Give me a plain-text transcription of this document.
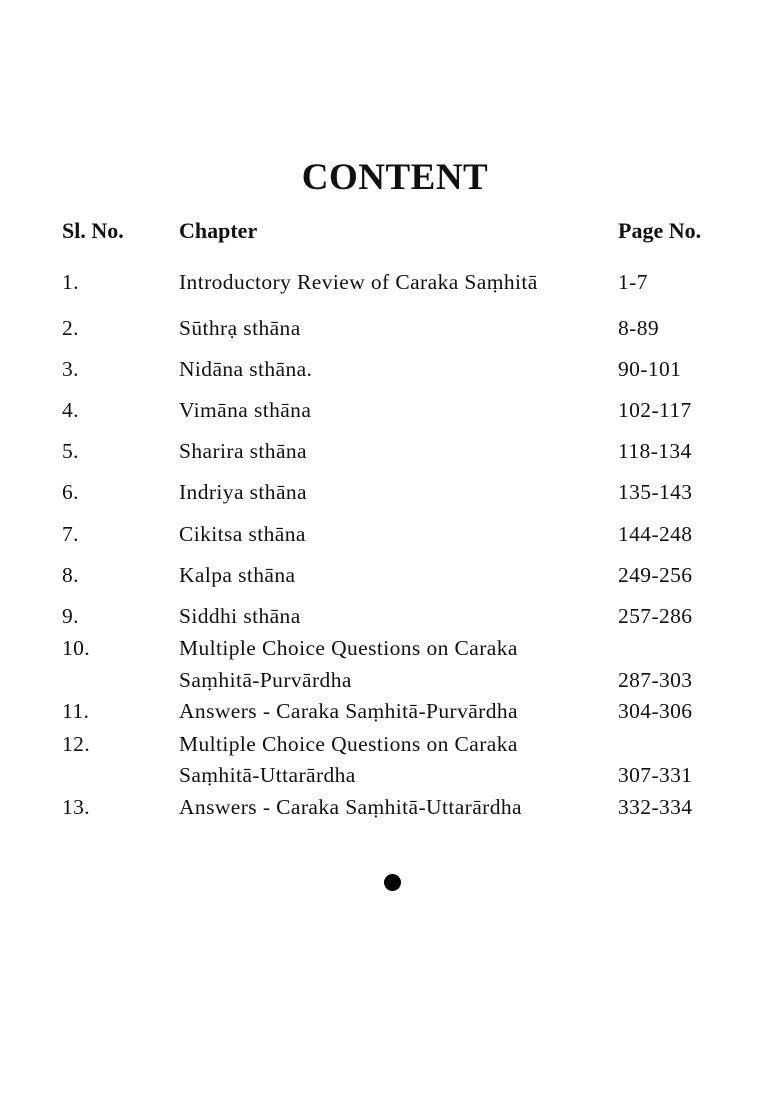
CONTENT
Sl. No.	Chapter	Page No.
1.	Introductory Review of Caraka Saṃhitā	1-7
2.	Sūthrạ sthāna	8-89
3.	Nidāna sthāna.	90-101
4.	Vimāna sthāna	102-117
5.	Sharira sthāna	118-134
6.	Indriya sthāna	135-143
7.	Cikitsa sthāna	144-248
8.	Kalpa sthāna	249-256
9.	Siddhi sthāna	257-286
10.	Multiple Choice Questions on Caraka
Saṃhitā-Purvārdha	287-303
11.	Answers - Caraka Saṃhitā-Purvārdha	304-306
12.	Multiple Choice Questions on Caraka
Saṃhitā-Uttarārdha	307-331
13.	Answers - Caraka Saṃhitā-Uttarārdha	332-334
